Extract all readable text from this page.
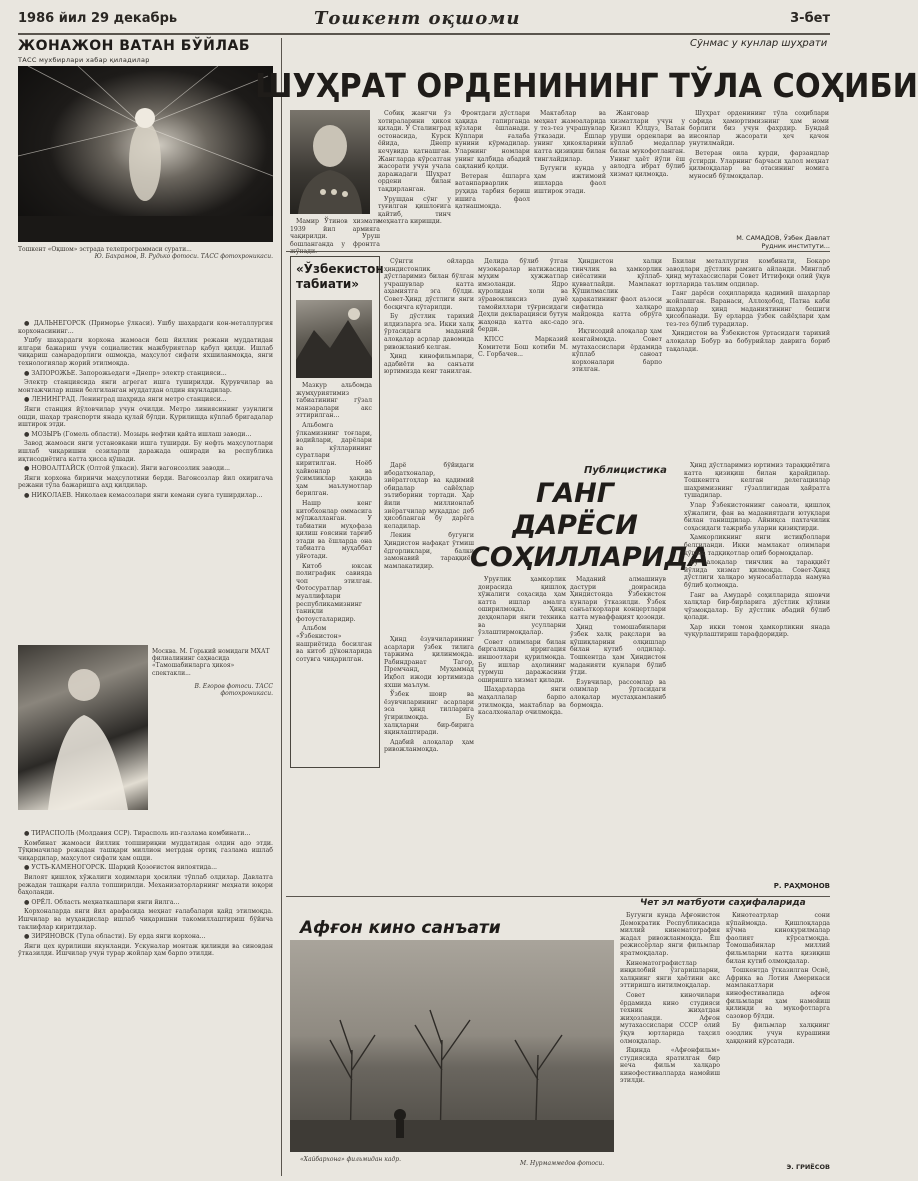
1986 йил 29 декабрь	Тошкент оқшоми	3-бет
ЖОНАЖОН ВАТАН БЎЙЛАБ
ТАСС мухбирлари хабар қиладилар
Тошкент «Оқшом» эстрада телепрограммаси сурати...
Ю. Бахрамов, В. Рудько фотоси. ТАСС фотохроникаси.

● ДАЛЬНЕГОРСК (Приморье ўлкаси). Ушбу шаҳардаги кон-металлургия корхонасининг...

Ушбу шаҳардаги корхона жамоаси беш йиллик режани муддатидан илгари бажариш учун социалистик мажбуриятлар қабул қилди. Ишлаб чиқариш самарадорлиги ошмоқда, маҳсулот сифати яхшиланмоқда, янги технологиялар жорий этилмоқда.

● ЗАПОРОЖЬЕ. Запорожьедаги «Днепр» электр станцияси...

Электр станциясида янги агрегат ишга туширилди. Қурувчилар ва монтажчилар ишни белгиланган муддатдан олдин якунладилар.

● ЛЕНИНГРАД. Ленинград шаҳрида янги метро станцияси...

Янги станция йўловчилар учун очилди. Метро линиясининг узунлиги ошди, шаҳар транспорти янада қулай бўлди. Қурилишда кўплаб бригадалар иштирок этди.

● МОЗЫРЬ (Гомель области). Мозырь нефтни қайта ишлаш заводи...

Завод жамоаси янги установкани ишга туширди. Бу нефть маҳсулотлари ишлаб чиқаришни сезиларли даражада оширади ва республика иқтисодиётига катта ҳисса қўшади.

● НОВОАЛТАЙСК (Олтой ўлкаси). Янги вагонсозлик заводи...

Янги корхона биринчи маҳсулотини берди. Вагонсозлар йил охиригача режани тўла бажаришга аҳд қилдилар.

● НИКОЛАЕВ. Николаев кемасозлари янги кемани сувга туширдилар...

Москва. М. Горький номидаги МХАТ филиалининг саҳнасида «Тамошабинларга ҳикоя» спектакли...
В. Егоров фотоси. ТАСС фотохроникаси.

● ТИРАСПОЛЬ (Молдавия ССР). Тирасполь ип-газлама комбинати...

Комбинат жамоаси йиллик топшириқни муддатидан олдин адо этди. Тўқимачилар режадан ташқари миллион метрдан ортиқ газлама ишлаб чиқардилар, маҳсулот сифати ҳам ошди.

● УСТЬ-КАМЕНОГОРСК. Шарқий Қозоғистон вилоятида...

Вилоят қишлоқ хўжалиги ходимлари ҳосилни тўплаб олдилар. Давлатга режадан ташқари ғалла топширилди. Механизаторларнинг меҳнати юқори баҳоланди.

● ОРЁЛ. Область меҳнаткашлари янги йилга...

Корхоналарда янги йил арафасида меҳнат ғалабалари қайд этилмоқда. Ишчилар ва муҳандислар ишлаб чиқаришни такомиллаштириш бўйича таклифлар киритдилар.

● ЗИРЯНОВСК (Тула области). Бу ерда янги корхона...

Янги цех қурилиши якунланди. Ускуналар монтаж қилинди ва синовдан ўтказилди. Ишчилар учун турар жойлар ҳам барпо этилди.

Сўнмас у кунлар шуҳрати
ШУҲРАТ ОРДЕНИНИНГ ТЎЛА СОҲИБИ

Мамир Ўтинов хизмати 1939 йил армияга чақирилди. Уруш бошланганда у фронтга

Собиқ жангчи ўз хотираларини ҳикоя қилади. У Сталинград остонасида, Курск ёйида, Днепр кечувида қатнашган. Жангларда кўрсатган жасорати учун учала даражадаги Шуҳрат ордени билан тақдирланган.

Урушдан сўнг у туғилган қишлоғига қайтиб, тинч меҳнатга киришди.

Фронтдаги дўстлари ҳақида гапирганда кўзлари ёшланади. Кўплари ғалаба кунини кўрмадилар. Уларнинг номлари унинг қалбида абадий сақланиб қолди.

Ветеран ёшларга ватанпарварлик руҳида тарбия бериш ишига фаол қатнашмоқда.

Мактаблар ва меҳнат жамоаларида у тез-тез учрашувлар ўтказади. Ёшлар унинг ҳикояларини катта қизиқиш билан тинглайдилар.

Бугунги кунда у ҳам ижтимоий ишларда фаол иштирок этади.

Жанговар хизматлари учун у Қизил Юлдуз, Ватан уруши орденлари ва кўплаб медаллар билан мукофотланган. Унинг ҳаёт йўли ёш авлодга ибрат бўлиб хизмат қилмоқда.

Шуҳрат орденининг тўла соҳиблари сафида ҳамюртимизнинг ҳам номи борлиги биз учун фахрдир. Бундай инсонлар жасорати ҳеч қачон унутилмайди.

Ветеран оила қурди, фарзандлар ўстирди. Уларнинг барчаси ҳалол меҳнат қилмоқдалар ва отасининг номига муносиб бўлмоқдалар.

М. САМАДОВ, Ўзбек Давлат Рудник институти...
«Ўзбекистон табиати»

Мазкур альбомда жумҳуриятимиз табиатининг гўзал манзаралари акс эттирилган...

Альбомга ўлкамизнинг тоғлари, водийлари, дарёлари ва кўлларининг суратлари киритилган. Ноёб ҳайвонлар ва ўсимликлар ҳақида ҳам маълумотлар берилган.

Нашр кенг китобхонлар оммасига мўлжалланган. У табиатни муҳофаза қилиш ғоясини тарғиб этади ва ёшларда она табиатга муҳаббат уйғотади.

Китоб юксак полиграфик савияда чоп этилган. Фотосуратлар муаллифлари республикамизнинг таниқли фотоусталаридир.

Альбом «Ўзбекистон» нашриётида босилган ва китоб дўконларида сотувга чиқарилган.

Сўнгги ойларда ҳиндистонлик дўстларимиз билан бўлган учрашувлар катта аҳамиятга эга бўлди. Совет-Ҳинд дўстлиги янги босқичга кўтарилди.

Бу дўстлик тарихий илдизларга эга. Икки халқ ўртасидаги маданий алоқалар асрлар давомида ривожланиб келган.

Ҳинд кинофильмлари, адабиёти ва санъати юртимизда кенг танилган.

Делида бўлиб ўтган музокаралар натижасида муҳим ҳужжатлар имзоланди. Ядро қуролидан холи ва зўравонликсиз дунё тамойиллари тўғрисидаги Деҳли декларацияси бутун жаҳонда катта акс-садо берди.

КПСС Марказий Комитети Бош котиби М. С. Горбачев...

Ҳиндистон халқи тинчлик ва ҳамкорлик сиёсатини қўллаб-қувватлайди. Мамлакат Қўшилмаслик ҳаракатининг фаол аъзоси сифатида халқаро майдонда катта обрўга эга.

Иқтисодий алоқалар ҳам кенгаймоқда. Совет мутахассислари ёрдамида кўплаб саноат корхоналари барпо этилган.

Бхилаи металлургия комбинати, Бокаро заводлари дўстлик рамзига айланди. Минглаб ҳинд мутахассислари Совет Иттифоқи олий ўқув юртларида таълим олдилар.

Ганг дарёси соҳилларида қадимий шаҳарлар жойлашган. Варанаси, Аллоҳобод, Патна каби шаҳарлар ҳинд маданиятининг бешиги ҳисобланади. Бу ерларда ўзбек сайёҳлари ҳам тез-тез бўлиб турадилар.

Ҳиндистон ва Ўзбекистон ўртасидаги тарихий алоқалар Бобур ва бобурийлар даврига бориб тақалади.

Публицистика

Дарё бўйидаги ибодатхоналар, зиёратгоҳлар ва қадимий обидалар сайёҳлар эътиборини тортади. Ҳар йили миллионлаб зиёратчилар муқаддас деб ҳисобланган бу дарёга келадилар.

Лекин бугунги Ҳиндистон нафақат ўтмиш ёдгорликлари, балки замонавий тараққиёт мамлакатидир.

ГАНГ ДАРЁСИ
СОҲИЛЛАРИДА

Уруғлик ҳамкорлик доирасида қишлоқ хўжалиги соҳасида ҳам катта ишлар амалга оширилмоқда. Ҳинд деҳқонлари янги техника ва усулларни ўзлаштирмоқдалар.

Совет олимлари билан биргаликда ирригация иншоотлари қурилмоқда. Бу ишлар аҳолининг турмуш даражасини оширишга хизмат қилади.

Шаҳарларда янги маҳаллалар барпо этилмоқда, мактаблар ва касалхоналар очилмоқда.

Маданий алмашинув дастури доирасида Ҳиндистонда Ўзбекистон кунлари ўтказилди. Ўзбек санъаткорлари концертлари катта муваффақият қозонди.

Ҳинд томошабинлари ўзбек халқ рақслари ва қўшиқларини олқишлар билан кутиб олдилар. Тошкентда ҳам Ҳиндистон маданияти кунлари бўлиб ўтди.

Ёзувчилар, рассомлар ва олимлар ўртасидаги алоқалар мустаҳкамланиб бормоқда.

Ҳинд ёзувчиларининг асарлари ўзбек тилига таржима қилинмоқда. Рабиндранат Тагор, Премчанд, Муҳаммад Иқбол ижоди юртимизда яхши маълум.

Ўзбек шоир ва ёзувчиларининг асарлари эса ҳинд тилларига ўгирилмоқда. Бу халқларни бир-бирига яқинлаштиради.

Адабий алоқалар ҳам ривожланмоқда.

Ҳинд дўстларимиз юртимиз тараққиётига катта қизиқиш билан қарайдилар. Тошкентга келган делегациялар шаҳримизнинг гўзаллигидан ҳайратга тушадилар.

Улар Ўзбекистоннинг саноати, қишлоқ хўжалиги, фан ва маданиятдаги ютуқлари билан танишдилар. Айниқса пахтачилик соҳасидаги тажриба уларни қизиқтирди.

Ҳамкорликнинг янги истиқболлари белгиланди. Икки мамлакат олимлари қўшма тадқиқотлар олиб бормоқдалар.

Бу алоқалар тинчлик ва тараққиёт йўлида хизмат қилмоқда. Совет-Ҳинд дўстлиги халқаро муносабатларда намуна бўлиб қолмоқда.

Ганг ва Амударё соҳилларида яшовчи халқлар бир-бирларига дўстлик қўлини чўзмоқдалар. Бу дўстлик абадий бўлиб қолади.

Ҳар икки томон ҳамкорликни янада чуқурлаштириш тарафдоридир.

Р. РАҲМОНОВ
Чет эл матбуоти саҳифаларида
Афғон кино санъати

«Хайбархона» фильмидан кадр.
М. Нурмаммедов фотоси.

Бугунги кунда Афғонистон Демократик Республикасида миллий кинематография жадал ривожланмоқда. Ёш режиссёрлар янги фильмлар яратмоқдалар.

Кинематографистлар инқилобий ўзгаришларни, халқнинг янги ҳаётини акс эттиришга интилмоқдалар.

Совет киночилари ёрдамида кино студияси техник жиҳатдан жиҳозланди. Афғон мутахассислари СССР олий ўқув юртларида таҳсил олмоқдалар.

Яқинда «Афғонфильм» студиясида яратилган бир неча фильм халқаро кинофестивалларда намойиш этилди.

Кинотеатрлар сони кўпаймоқда. Қишлоқларда кўчма кинокурилмалар фаолият кўрсатмоқда. Томошабинлар миллий фильмларни катта қизиқиш билан кутиб олмоқдалар.

Тошкентда ўтказилган Осиё, Африка ва Лотин Америкаси мамлакатлари кинофестивалида афғон фильмлари ҳам намойиш қилинди ва мукофотларга сазовор бўлди.

Бу фильмлар халқнинг озодлик учун курашини ҳаққоний кўрсатади.

Э. ГРИЁСОВ
